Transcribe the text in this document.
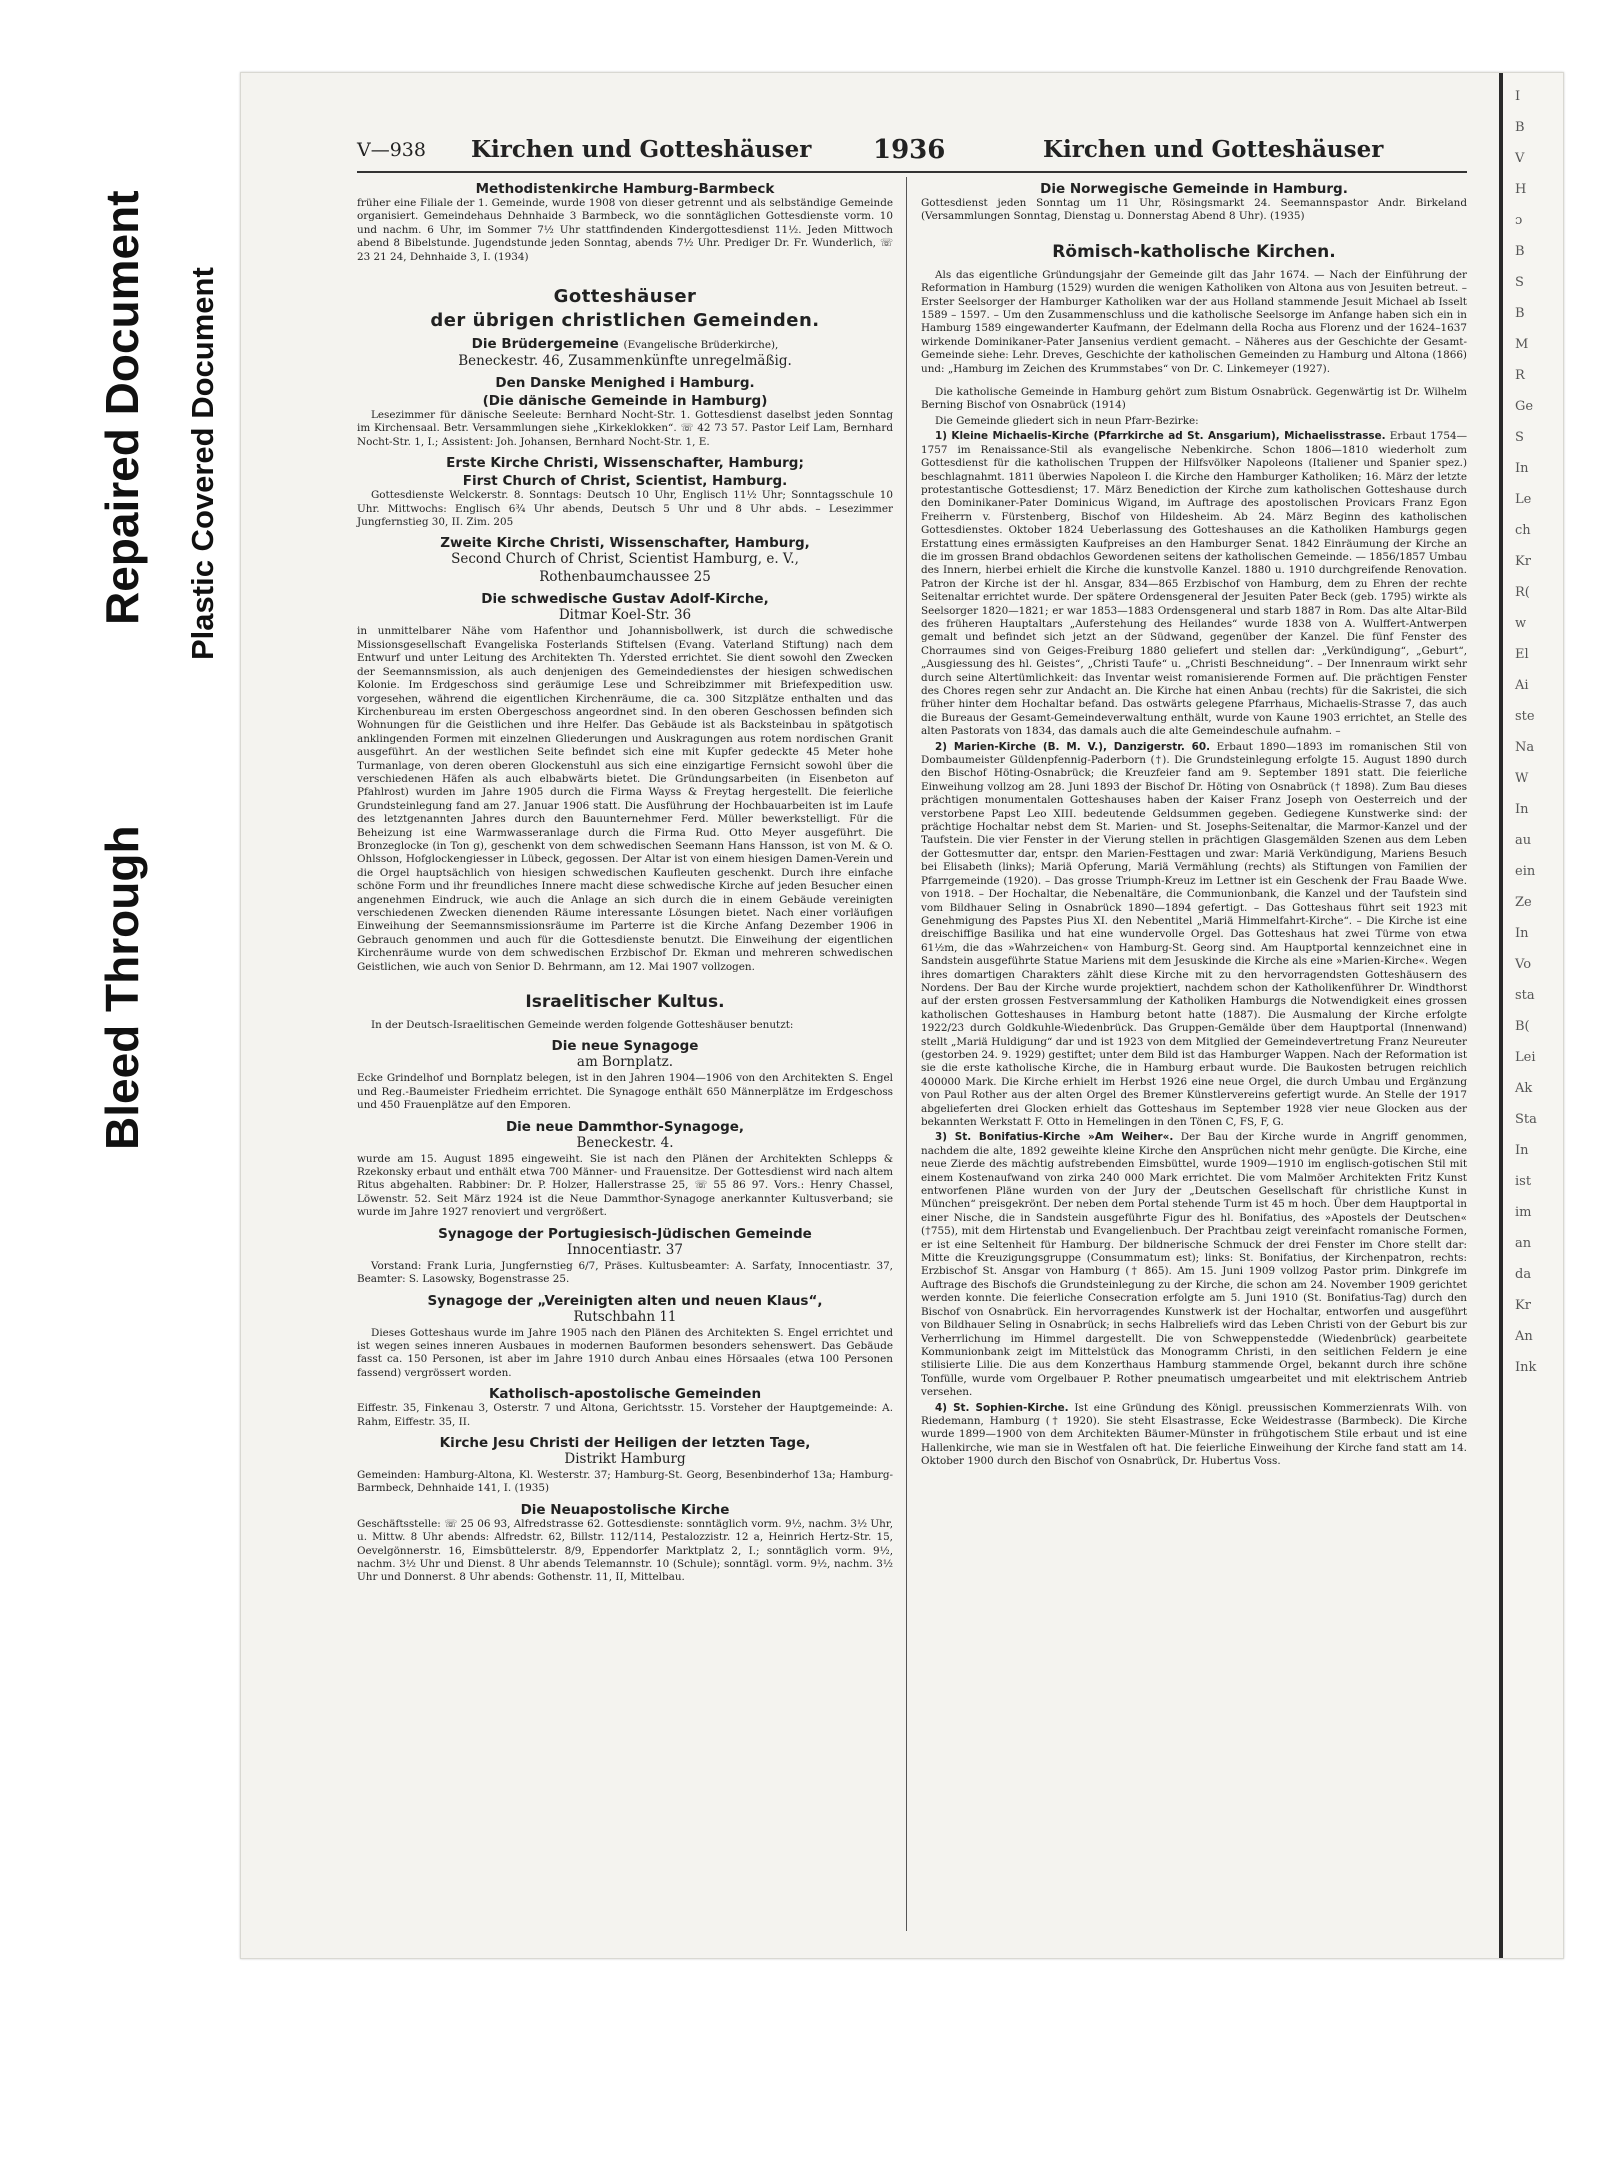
Repaired Document
Bleed Through
Plastic Covered Document
I
B
V
H
ɔ
B
S
B
M
R
Ge
S
In
Le
ch
Kr
R(
w
El
Ai
ste
Na
W
In
au
ein
Ze
In
Vo
sta
B(
Lei
Ak
Sta
In
ist
im
an
da
Kr
An
Ink
V—938 Kirchen und Gotteshäuser 1936	Kirchen und Gotteshäuser
Methodistenkirche Hamburg-Barmbeck
früher eine Filiale der 1. Gemeinde, wurde 1908 von dieser getrennt und als selbständige Gemeinde organisiert. Gemeindehaus Dehnhaide 3 Barmbeck, wo die sonntäglichen Gottesdienste vorm. 10 und nachm. 6 Uhr, im Sommer 7½ Uhr stattfindenden Kindergottesdienst 11½. Jeden Mittwoch abend 8 Bibelstunde. Jugendstunde jeden Sonntag, abends 7½ Uhr. Prediger Dr. Fr. Wunderlich, ☏ 23 21 24, Dehnhaide 3, I. (1934)
Gotteshäuser
der übrigen christlichen Gemeinden.
Die Brüdergemeine (Evangelische Brüderkirche),
Beneckestr. 46, Zusammenkünfte unregelmäßig.
Den Danske Menighed i Hamburg.
(Die dänische Gemeinde in Hamburg)
Lesezimmer für dänische Seeleute: Bernhard Nocht-Str. 1. Gottesdienst daselbst jeden Sonntag im Kirchensaal. Betr. Versammlungen siehe „Kirkeklokken“. ☏ 42 73 57. Pastor Leif Lam, Bernhard Nocht-Str. 1, I.; Assistent: Joh. Johansen, Bernhard Nocht-Str. 1, E.
Erste Kirche Christi, Wissenschafter, Hamburg;
First Church of Christ, Scientist, Hamburg.
Gottesdienste Welckerstr. 8. Sonntags: Deutsch 10 Uhr, Englisch 11½ Uhr; Sonntagsschule 10 Uhr. Mittwochs: Englisch 6¾ Uhr abends, Deutsch 5 Uhr und 8 Uhr abds. – Lesezimmer Jungfernstieg 30, II. Zim. 205
Zweite Kirche Christi, Wissenschafter, Hamburg,
Second Church of Christ, Scientist Hamburg, e. V.,
Rothenbaumchaussee 25
Die schwedische Gustav Adolf-Kirche,
Ditmar Koel-Str. 36
in unmittelbarer Nähe vom Hafenthor und Johannisbollwerk, ist durch die schwedische Missionsgesellschaft Evangeliska Fosterlands Stiftelsen (Evang. Vaterland Stiftung) nach dem Entwurf und unter Leitung des Architekten Th. Ydersted errichtet. Sie dient sowohl den Zwecken der Seemannsmission, als auch denjenigen des Gemeindedienstes der hiesigen schwedischen Kolonie. Im Erdgeschoss sind geräumige Lese und Schreibzimmer mit Briefexpedition usw. vorgesehen, während die eigentlichen Kirchenräume, die ca. 300 Sitzplätze enthalten und das Kirchenbureau im ersten Obergeschoss angeordnet sind. In den oberen Geschossen befinden sich Wohnungen für die Geistlichen und ihre Helfer. Das Gebäude ist als Backsteinbau in spätgotisch anklingenden Formen mit einzelnen Gliederungen und Auskragungen aus rotem nordischen Granit ausgeführt. An der westlichen Seite befindet sich eine mit Kupfer gedeckte 45 Meter hohe Turmanlage, von deren oberen Glockenstuhl aus sich eine einzigartige Fernsicht sowohl über die verschiedenen Häfen als auch elbabwärts bietet. Die Gründungsarbeiten (in Eisenbeton auf Pfahlrost) wurden im Jahre 1905 durch die Firma Wayss & Freytag hergestellt. Die feierliche Grundsteinlegung fand am 27. Januar 1906 statt. Die Ausführung der Hochbauarbeiten ist im Laufe des letztgenannten Jahres durch den Bauunternehmer Ferd. Müller bewerkstelligt. Für die Beheizung ist eine Warmwasseranlage durch die Firma Rud. Otto Meyer ausgeführt. Die Bronzeglocke (in Ton g), geschenkt von dem schwedischen Seemann Hans Hansson, ist von M. & O. Ohlsson, Hofglockengiesser in Lübeck, gegossen. Der Altar ist von einem hiesigen Damen-Verein und die Orgel hauptsächlich von hiesigen schwedischen Kaufleuten geschenkt. Durch ihre einfache schöne Form und ihr freundliches Innere macht diese schwedische Kirche auf jeden Besucher einen angenehmen Eindruck, wie auch die Anlage an sich durch die in einem Gebäude vereinigten verschiedenen Zwecken dienenden Räume interessante Lösungen bietet. Nach einer vorläufigen Einweihung der Seemannsmissionsräume im Parterre ist die Kirche Anfang Dezember 1906 in Gebrauch genommen und auch für die Gottesdienste benutzt. Die Einweihung der eigentlichen Kirchenräume wurde von dem schwedischen Erzbischof Dr. Ekman und mehreren schwedischen Geistlichen, wie auch von Senior D. Behrmann, am 12. Mai 1907 vollzogen.
Israelitischer Kultus.
In der Deutsch-Israelitischen Gemeinde werden folgende Gotteshäuser benutzt:
Die neue Synagoge
am Bornplatz.
Ecke Grindelhof und Bornplatz belegen, ist in den Jahren 1904—1906 von den Architekten S. Engel und Reg.-Baumeister Friedheim errichtet. Die Synagoge enthält 650 Männerplätze im Erdgeschoss und 450 Frauenplätze auf den Emporen.
Die neue Dammthor-Synagoge,
Beneckestr. 4.
wurde am 15. August 1895 eingeweiht. Sie ist nach den Plänen der Architekten Schlepps & Rzekonsky erbaut und enthält etwa 700 Männer- und Frauensitze. Der Gottesdienst wird nach altem Ritus abgehalten. Rabbiner: Dr. P. Holzer, Hallerstrasse 25, ☏ 55 86 97. Vors.: Henry Chassel, Löwenstr. 52. Seit März 1924 ist die Neue Dammthor-Synagoge anerkannter Kultusverband; sie wurde im Jahre 1927 renoviert und vergrößert.
Synagoge der Portugiesisch-Jüdischen Gemeinde
Innocentiastr. 37
Vorstand: Frank Luria, Jungfernstieg 6/7, Präses. Kultusbeamter: A. Sarfaty, Innocentiastr. 37, Beamter: S. Lasowsky, Bogenstrasse 25.
Synagoge der „Vereinigten alten und neuen Klaus“,
Rutschbahn 11
Dieses Gotteshaus wurde im Jahre 1905 nach den Plänen des Architekten S. Engel errichtet und ist wegen seines inneren Ausbaues in modernen Bauformen besonders sehenswert. Das Gebäude fasst ca. 150 Personen, ist aber im Jahre 1910 durch Anbau eines Hörsaales (etwa 100 Personen fassend) vergrössert worden.
Katholisch-apostolische Gemeinden
Eiffestr. 35, Finkenau 3, Osterstr. 7 und Altona, Gerichtsstr. 15. Vorsteher der Hauptgemeinde: A. Rahm, Eiffestr. 35, II.
Kirche Jesu Christi der Heiligen der letzten Tage,
Distrikt Hamburg
Gemeinden: Hamburg-Altona, Kl. Westerstr. 37; Hamburg-St. Georg, Besenbinderhof 13a; Hamburg-Barmbeck, Dehnhaide 141, I. (1935)
Die Neuapostolische Kirche
Geschäftsstelle: ☏ 25 06 93, Alfredstrasse 62. Gottesdienste: sonntäglich vorm. 9½, nachm. 3½ Uhr, u. Mittw. 8 Uhr abends: Alfredstr. 62, Billstr. 112/114, Pestalozzistr. 12 a, Heinrich Hertz-Str. 15, Oevelgönnerstr. 16, Eimsbüttelerstr. 8/9, Eppendorfer Marktplatz 2, I.; sonntäglich vorm. 9½, nachm. 3½ Uhr und Dienst. 8 Uhr abends Telemannstr. 10 (Schule); sonntägl. vorm. 9½, nachm. 3½ Uhr und Donnerst. 8 Uhr abends: Gothenstr. 11, II, Mittelbau.
Die Norwegische Gemeinde in Hamburg.
Gottesdienst jeden Sonntag um 11 Uhr, Rösingsmarkt 24. Seemannspastor Andr. Birkeland (Versammlungen Sonntag, Dienstag u. Donnerstag Abend 8 Uhr). (1935)
Römisch-katholische Kirchen.
Als das eigentliche Gründungsjahr der Gemeinde gilt das Jahr 1674. — Nach der Einführung der Reformation in Hamburg (1529) wurden die wenigen Katholiken von Altona aus von Jesuiten betreut. – Erster Seelsorger der Hamburger Katholiken war der aus Holland stammende Jesuit Michael ab Isselt 1589 – 1597. – Um den Zusammenschluss und die katholische Seelsorge im Anfange haben sich ein in Hamburg 1589 eingewanderter Kaufmann, der Edelmann della Rocha aus Florenz und der 1624–1637 wirkende Dominikaner-Pater Jansenius verdient gemacht. – Näheres aus der Geschichte der Gesamt-Gemeinde siehe: Lehr. Dreves, Geschichte der katholischen Gemeinden zu Hamburg und Altona (1866) und: „Hamburg im Zeichen des Krummstabes“ von Dr. C. Linkemeyer (1927).
Die katholische Gemeinde in Hamburg gehört zum Bistum Osnabrück. Gegenwärtig ist Dr. Wilhelm Berning Bischof von Osnabrück (1914)
Die Gemeinde gliedert sich in neun Pfarr-Bezirke:
1) Kleine Michaelis-Kirche (Pfarrkirche ad St. Ansgarium), Michaelisstrasse. Erbaut 1754—1757 im Renaissance-Stil als evangelische Nebenkirche. Schon 1806—1810 wiederholt zum Gottesdienst für die katholischen Truppen der Hilfsvölker Napoleons (Italiener und Spanier spez.) beschlagnahmt. 1811 überwies Napoleon I. die Kirche den Hamburger Katholiken; 16. März der letzte protestantische Gottesdienst; 17. März Benediction der Kirche zum katholischen Gotteshause durch den Dominikaner-Pater Dominicus Wigand, im Auftrage des apostolischen Provicars Franz Egon Freiherrn v. Fürstenberg, Bischof von Hildesheim. Ab 24. März Beginn des katholischen Gottesdienstes. Oktober 1824 Ueberlassung des Gotteshauses an die Katholiken Hamburgs gegen Erstattung eines ermässigten Kaufpreises an den Hamburger Senat. 1842 Einräumung der Kirche an die im grossen Brand obdachlos Gewordenen seitens der katholischen Gemeinde. — 1856/1857 Umbau des Innern, hierbei erhielt die Kirche die kunstvolle Kanzel. 1880 u. 1910 durchgreifende Renovation. Patron der Kirche ist der hl. Ansgar, 834—865 Erzbischof von Hamburg, dem zu Ehren der rechte Seitenaltar errichtet wurde. Der spätere Ordensgeneral der Jesuiten Pater Beck (geb. 1795) wirkte als Seelsorger 1820—1821; er war 1853—1883 Ordensgeneral und starb 1887 in Rom. Das alte Altar-Bild des früheren Hauptaltars „Auferstehung des Heilandes“ wurde 1838 von A. Wulffert-Antwerpen gemalt und befindet sich jetzt an der Südwand, gegenüber der Kanzel. Die fünf Fenster des Chorraumes sind von Geiges-Freiburg 1880 geliefert und stellen dar: „Verkündigung“, „Geburt“, „Ausgiessung des hl. Geistes“, „Christi Taufe“ u. „Christi Beschneidung“. – Der Innenraum wirkt sehr durch seine Altertümlichkeit: das Inventar weist romanisierende Formen auf. Die prächtigen Fenster des Chores regen sehr zur Andacht an. Die Kirche hat einen Anbau (rechts) für die Sakristei, die sich früher hinter dem Hochaltar befand. Das ostwärts gelegene Pfarrhaus, Michaelis-Strasse 7, das auch die Bureaus der Gesamt-Gemeindeverwaltung enthält, wurde von Kaune 1903 errichtet, an Stelle des alten Pastorats von 1834, das damals auch die alte Gemeindeschule aufnahm. –
2) Marien-Kirche (B. M. V.), Danzigerstr. 60. Erbaut 1890—1893 im romanischen Stil von Dombaumeister Güldenpfennig-Paderborn (†). Die Grundsteinlegung erfolgte 15. August 1890 durch den Bischof Höting-Osnabrück; die Kreuzfeier fand am 9. September 1891 statt. Die feierliche Einweihung vollzog am 28. Juni 1893 der Bischof Dr. Höting von Osnabrück († 1898). Zum Bau dieses prächtigen monumentalen Gotteshauses haben der Kaiser Franz Joseph von Oesterreich und der verstorbene Papst Leo XIII. bedeutende Geldsummen gegeben. Gediegene Kunstwerke sind: der prächtige Hochaltar nebst dem St. Marien- und St. Josephs-Seitenaltar, die Marmor-Kanzel und der Taufstein. Die vier Fenster in der Vierung stellen in prächtigen Glasgemälden Szenen aus dem Leben der Gottesmutter dar, entspr. den Marien-Festtagen und zwar: Mariä Verkündigung, Mariens Besuch bei Elisabeth (links); Mariä Opferung, Mariä Vermählung (rechts) als Stiftungen von Familien der Pfarrgemeinde (1920). – Das grosse Triumph-Kreuz im Lettner ist ein Geschenk der Frau Baade Wwe. von 1918. – Der Hochaltar, die Nebenaltäre, die Communionbank, die Kanzel und der Taufstein sind vom Bildhauer Seling in Osnabrück 1890—1894 gefertigt. – Das Gotteshaus führt seit 1923 mit Genehmigung des Papstes Pius XI. den Nebentitel „Mariä Himmelfahrt-Kirche“. – Die Kirche ist eine dreischiffige Basilika und hat eine wundervolle Orgel. Das Gotteshaus hat zwei Türme von etwa 61½m, die das »Wahrzeichen« von Hamburg-St. Georg sind. Am Hauptportal kennzeichnet eine in Sandstein ausgeführte Statue Mariens mit dem Jesuskinde die Kirche als eine »Marien-Kirche«. Wegen ihres domartigen Charakters zählt diese Kirche mit zu den hervorragendsten Gotteshäusern des Nordens. Der Bau der Kirche wurde projektiert, nachdem schon der Katholikenführer Dr. Windthorst auf der ersten grossen Festversammlung der Katholiken Hamburgs die Notwendigkeit eines grossen katholischen Gotteshauses in Hamburg betont hatte (1887). Die Ausmalung der Kirche erfolgte 1922/23 durch Goldkuhle-Wiedenbrück. Das Gruppen-Gemälde über dem Hauptportal (Innenwand) stellt „Mariä Huldigung“ dar und ist 1923 von dem Mitglied der Gemeindevertretung Franz Neureuter (gestorben 24. 9. 1929) gestiftet; unter dem Bild ist das Hamburger Wappen. Nach der Reformation ist sie die erste katholische Kirche, die in Hamburg erbaut wurde. Die Baukosten betrugen reichlich 400000 Mark. Die Kirche erhielt im Herbst 1926 eine neue Orgel, die durch Umbau und Ergänzung von Paul Rother aus der alten Orgel des Bremer Künstlervereins gefertigt wurde. An Stelle der 1917 abgelieferten drei Glocken erhielt das Gotteshaus im September 1928 vier neue Glocken aus der bekannten Werkstatt F. Otto in Hemelingen in den Tönen C, FS, F, G.
3) St. Bonifatius-Kirche »Am Weiher«. Der Bau der Kirche wurde in Angriff genommen, nachdem die alte, 1892 geweihte kleine Kirche den Ansprüchen nicht mehr genügte. Die Kirche, eine neue Zierde des mächtig aufstrebenden Eimsbüttel, wurde 1909—1910 im englisch-gotischen Stil mit einem Kostenaufwand von zirka 240 000 Mark errichtet. Die vom Malmöer Architekten Fritz Kunst entworfenen Pläne wurden von der Jury der „Deutschen Gesellschaft für christliche Kunst in München“ preisgekrönt. Der neben dem Portal stehende Turm ist 45 m hoch. Über dem Hauptportal in einer Nische, die in Sandstein ausgeführte Figur des hl. Bonifatius, des »Apostels der Deutschen« (†755), mit dem Hirtenstab und Evangelienbuch. Der Prachtbau zeigt vereinfacht romanische Formen, er ist eine Seltenheit für Hamburg. Der bildnerische Schmuck der drei Fenster im Chore stellt dar: Mitte die Kreuzigungsgruppe (Consummatum est); links: St. Bonifatius, der Kirchenpatron, rechts: Erzbischof St. Ansgar von Hamburg († 865). Am 15. Juni 1909 vollzog Pastor prim. Dinkgrefe im Auftrage des Bischofs die Grundsteinlegung zu der Kirche, die schon am 24. November 1909 gerichtet werden konnte. Die feierliche Consecration erfolgte am 5. Juni 1910 (St. Bonifatius-Tag) durch den Bischof von Osnabrück. Ein hervorragendes Kunstwerk ist der Hochaltar, entworfen und ausgeführt von Bildhauer Seling in Osnabrück; in sechs Halbreliefs wird das Leben Christi von der Geburt bis zur Verherrlichung im Himmel dargestellt. Die von Schweppenstedde (Wiedenbrück) gearbeitete Kommunionbank zeigt im Mittelstück das Monogramm Christi, in den seitlichen Feldern je eine stilisierte Lilie. Die aus dem Konzerthaus Hamburg stammende Orgel, bekannt durch ihre schöne Tonfülle, wurde vom Orgelbauer P. Rother pneumatisch umgearbeitet und mit elektrischem Antrieb versehen.
4) St. Sophien-Kirche. Ist eine Gründung des Königl. preussischen Kommerzienrats Wilh. von Riedemann, Hamburg († 1920). Sie steht Elsastrasse, Ecke Weidestrasse (Barmbeck). Die Kirche wurde 1899—1900 von dem Architekten Bäumer-Münster in frühgotischem Stile erbaut und ist eine Hallenkirche, wie man sie in Westfalen oft hat. Die feierliche Einweihung der Kirche fand statt am 14. Oktober 1900 durch den Bischof von Osnabrück, Dr. Hubertus Voss.
